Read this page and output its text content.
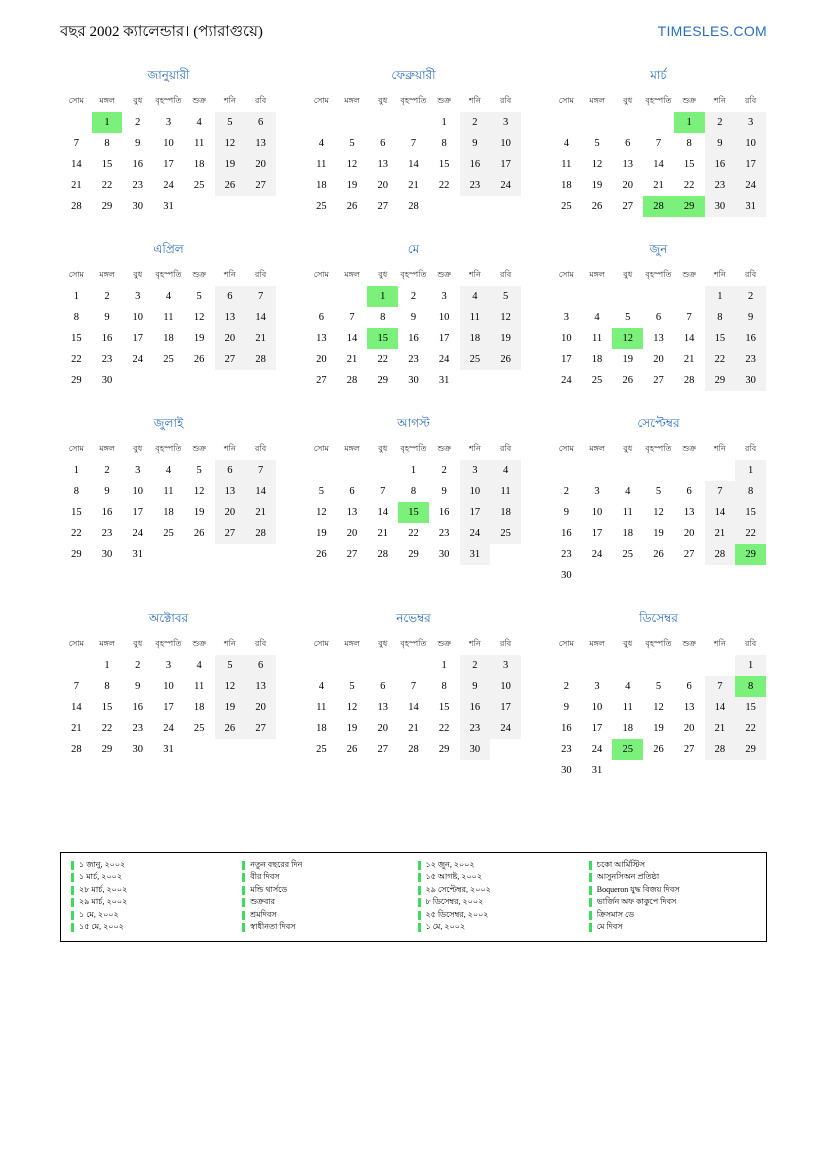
বছর 2002 ক্যালেন্ডার। (প্যারাগুয়ে)	TIMESLES.COM
জানুয়ারী
সোম	মঙ্গল	বুধ	বৃহস্পতি	শুক্র	শনি	রবি
	1	2	3	4	5	6
7	8	9	10	11	12	13
14	15	16	17	18	19	20
21	22	23	24	25	26	27
28	29	30	31			
ফেব্রুয়ারী
সোম	মঙ্গল	বুধ	বৃহস্পতি	শুক্র	শনি	রবি
				1	2	3
4	5	6	7	8	9	10
11	12	13	14	15	16	17
18	19	20	21	22	23	24
25	26	27	28			
মার্চ
সোম	মঙ্গল	বুধ	বৃহস্পতি	শুক্র	শনি	রবি
				1	2	3
4	5	6	7	8	9	10
11	12	13	14	15	16	17
18	19	20	21	22	23	24
25	26	27	28	29	30	31
এপ্রিল
সোম	মঙ্গল	বুধ	বৃহস্পতি	শুক্র	শনি	রবি
1	2	3	4	5	6	7
8	9	10	11	12	13	14
15	16	17	18	19	20	21
22	23	24	25	26	27	28
29	30					
মে
সোম	মঙ্গল	বুধ	বৃহস্পতি	শুক্র	শনি	রবি
		1	2	3	4	5
6	7	8	9	10	11	12
13	14	15	16	17	18	19
20	21	22	23	24	25	26
27	28	29	30	31		
জুন
সোম	মঙ্গল	বুধ	বৃহস্পতি	শুক্র	শনি	রবি
					1	2
3	4	5	6	7	8	9
10	11	12	13	14	15	16
17	18	19	20	21	22	23
24	25	26	27	28	29	30
জুলাই
সোম	মঙ্গল	বুধ	বৃহস্পতি	শুক্র	শনি	রবি
1	2	3	4	5	6	7
8	9	10	11	12	13	14
15	16	17	18	19	20	21
22	23	24	25	26	27	28
29	30	31				
আগস্ট
সোম	মঙ্গল	বুধ	বৃহস্পতি	শুক্র	শনি	রবি
			1	2	3	4
5	6	7	8	9	10	11
12	13	14	15	16	17	18
19	20	21	22	23	24	25
26	27	28	29	30	31	
সেপ্টেম্বর
সোম	মঙ্গল	বুধ	বৃহস্পতি	শুক্র	শনি	রবি
						1
2	3	4	5	6	7	8
9	10	11	12	13	14	15
16	17	18	19	20	21	22
23	24	25	26	27	28	29
30						
অক্টোবর
সোম	মঙ্গল	বুধ	বৃহস্পতি	শুক্র	শনি	রবি
	1	2	3	4	5	6
7	8	9	10	11	12	13
14	15	16	17	18	19	20
21	22	23	24	25	26	27
28	29	30	31			
নভেম্বর
সোম	মঙ্গল	বুধ	বৃহস্পতি	শুক্র	শনি	রবি
				1	2	3
4	5	6	7	8	9	10
11	12	13	14	15	16	17
18	19	20	21	22	23	24
25	26	27	28	29	30	
ডিসেম্বর
সোম	মঙ্গল	বুধ	বৃহস্পতি	শুক্র	শনি	রবি
						1
2	3	4	5	6	7	8
9	10	11	12	13	14	15
16	17	18	19	20	21	22
23	24	25	26	27	28	29
30	31					
১ জানু, ২০০২
১ মার্চ, ২০০২
২৮ মার্চ, ২০০২
২৯ মার্চ, ২০০২
১ মে, ২০০২
১৫ মে, ২০০২
নতুন বছরের দিন
বীর দিবস
মন্ডি থার্সডে
শুক্রবার
শ্রমদিবস
স্বাধীনতা দিবস
১২ জুন, ২০০২
১৫ আগষ্ট, ২০০২
২৯ সেপ্টেম্বর, ২০০২
৮ ডিসেম্বর, ২০০২
২৫ ডিসেম্বর, ২০০২
১ মে, ২০০২
চকো আর্মিস্টিস
আসুনসিঅন প্রতিষ্ঠা
Boqueron যুদ্ধ বিজয় দিবস
ভার্জিন অফ কাকুপে দিবস
ক্রিসমাস ডে
মে দিবস
